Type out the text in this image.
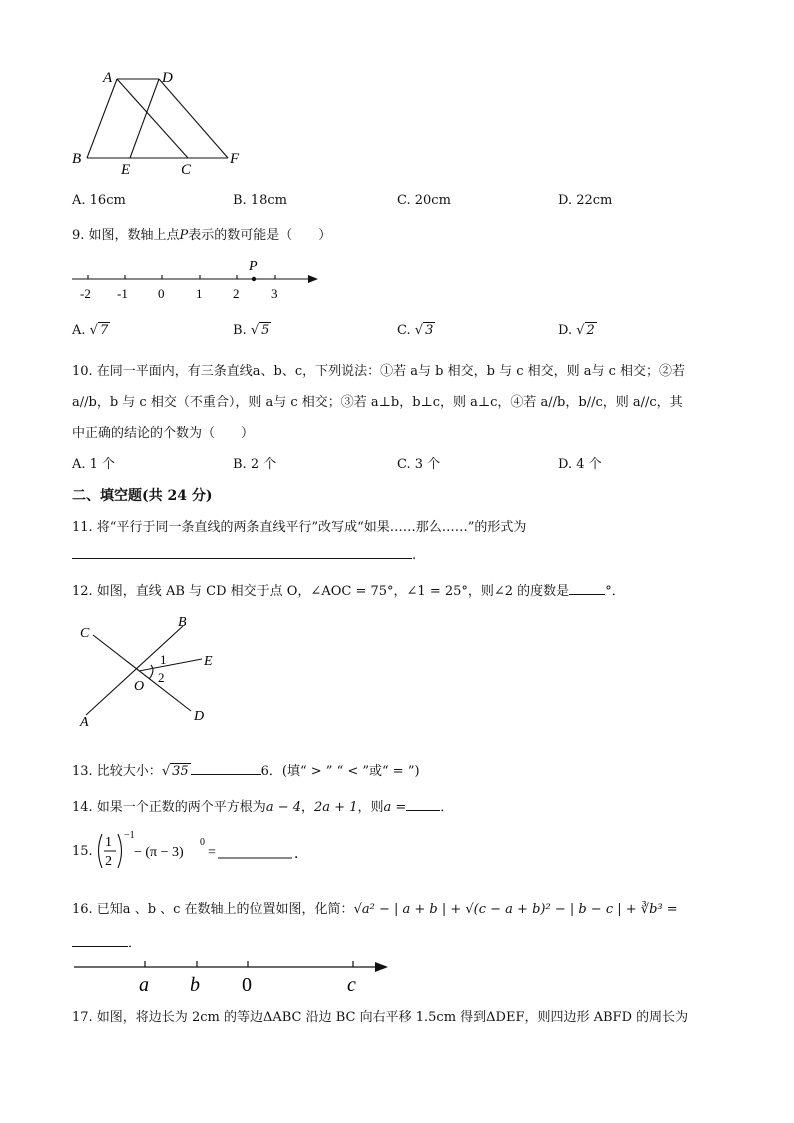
A	D
B
E	C
F
A. 16cm	B. 18cm	C. 20cm	D. 22cm
9. 如图，数轴上点P表示的数可能是（　　）
P
-2 -1 0 1 2 3
A. √ 7	B. √ 5	C. √ 3	D. √ 2
10. 在同一平面内，有三条直线a、b、c，下列说法：①若 a与 b 相交，b 与 c 相交，则 a与 c 相交；②若
a//b，b 与 c 相交（不重合），则 a与 c 相交；③若 a⊥b，b⊥c，则 a⊥c，④若 a//b，b//c，则 a//c，其
中正确的结论的个数为（　　）
A. 1 个	B. 2 个	C. 3 个	D. 4 个
二、填空题(共 24 分)
11. 将“平行于同一条直线的两条直线平行”改写成“如果……那么……”的形式为
.
12. 如图，直线 AB 与 CD 相交于点 O，∠AOC = 75°，∠1 = 25°，则∠2 的度数是	°．
C
B
E
O
1
2
A	D
13. 比较大小：√ 35	6．(填“ > ” “ < ”或“ = ”)
14. 如果一个正数的两个平方根为a − 4，2a + 1，则a =	．
15.
1
2
−1
− (π − 3)
0
=	．
16. 已知a 、b 、c 在数轴上的位置如图，化简：√a² − | a + b | + √(c − a + b)² − | b − c | + ∛b³ =
．
a b 0	c
17. 如图，将边长为 2cm 的等边ΔABC 沿边 BC 向右平移 1.5cm 得到ΔDEF，则四边形 ABFD 的周长为
